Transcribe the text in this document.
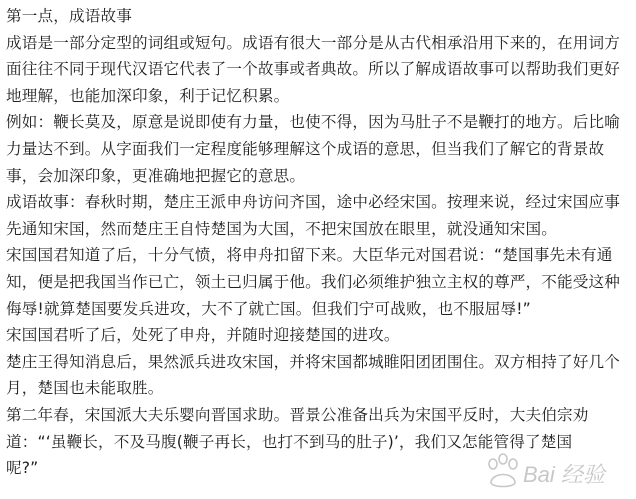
第一点，成语故事
成语是一部分定型的词组或短句。成语有很大一部分是从古代相承沿用下来的，在用词方
面往往不同于现代汉语它代表了一个故事或者典故。所以了解成语故事可以帮助我们更好
地理解，也能加深印象，利于记忆积累。
例如：鞭长莫及，原意是说即使有力量，也使不得，因为马肚子不是鞭打的地方。后比喻
力量达不到。从字面我们一定程度能够理解这个成语的意思，但当我们了解它的背景故
事，会加深印象，更准确地把握它的意思。
成语故事：春秋时期，楚庄王派申舟访问齐国，途中必经宋国。按理来说，经过宋国应事
先通知宋国，然而楚庄王自恃楚国为大国，不把宋国放在眼里，就没通知宋国。
宋国国君知道了后，十分气愤，将申舟扣留下来。大臣华元对国君说：“楚国事先未有通
知，便是把我国当作已亡，领土已归属于他。我们必须维护独立主权的尊严，不能受这种
侮辱!就算楚国要发兵进攻，大不了就亡国。但我们宁可战败，也不服屈辱!”
宋国国君听了后，处死了申舟，并随时迎接楚国的进攻。
楚庄王得知消息后，果然派兵进攻宋国，并将宋国都城睢阳团团围住。双方相持了好几个
月，楚国也未能取胜。
第二年春，宋国派大夫乐婴向晋国求助。晋景公准备出兵为宋国平反时，大夫伯宗劝
道：“‘虽鞭长，不及马腹(鞭子再长，也打不到马的肚子)’，我们又怎能管得了楚国
呢?”	Bai 经验
